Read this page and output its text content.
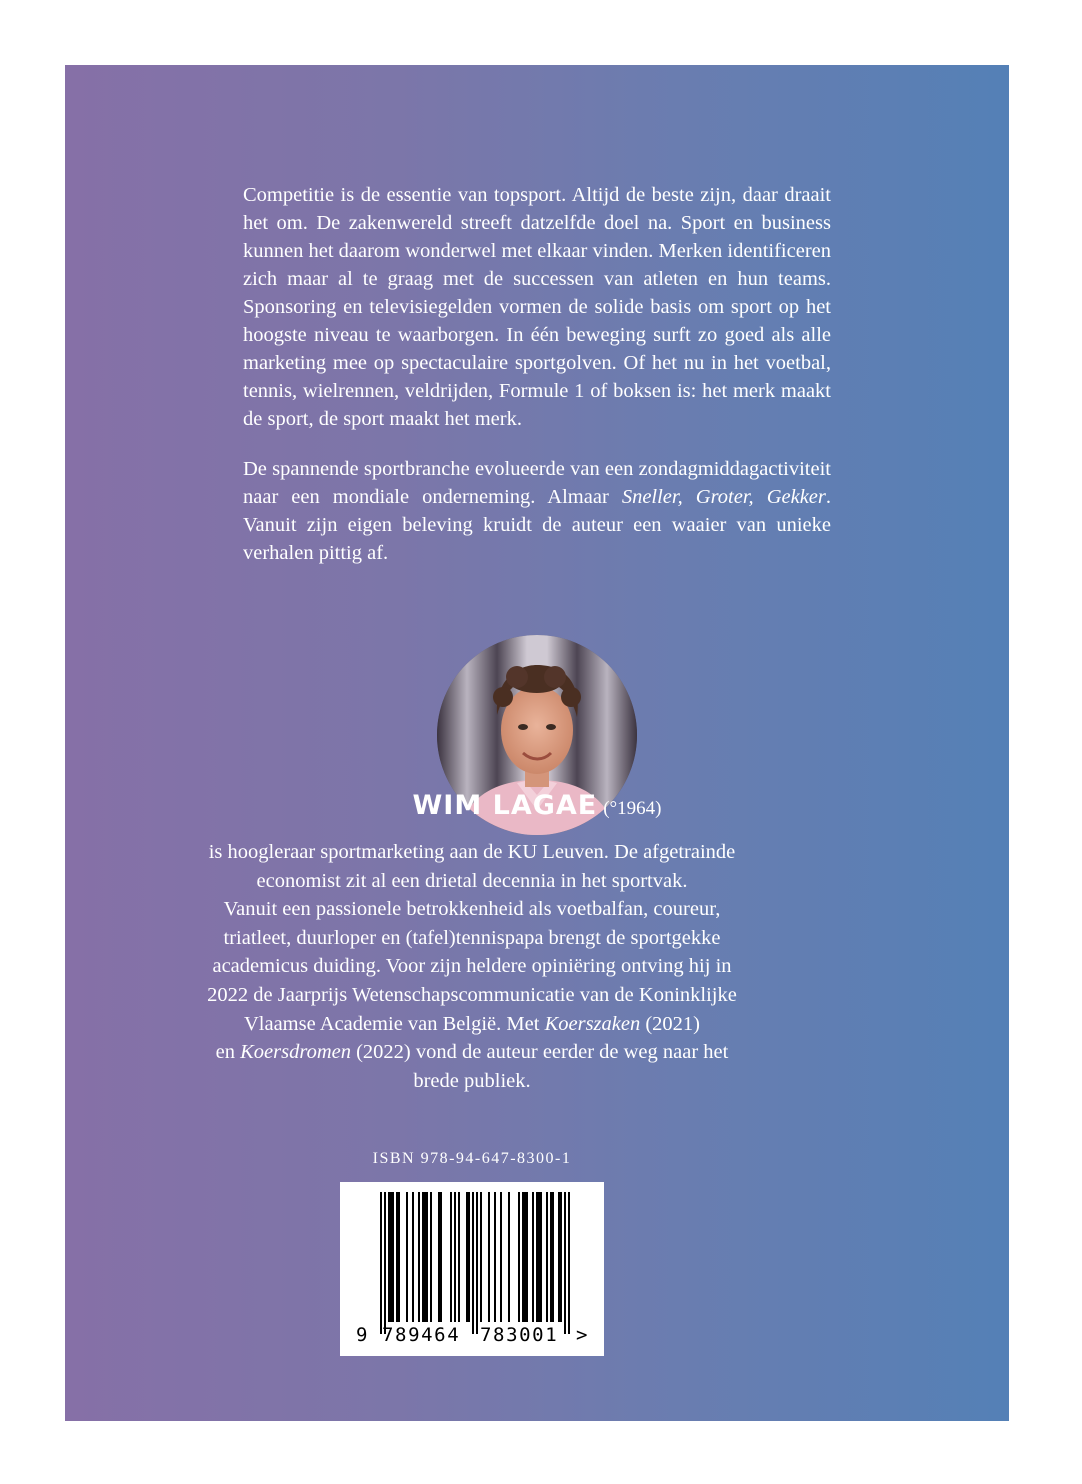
Competitie is de essentie van topsport. Altijd de beste zijn, daar draait het om. De zakenwereld streeft datzelfde doel na. Sport en business kunnen het daarom wonderwel met elkaar vinden. Merken identificeren zich maar al te graag met de successen van atleten en hun teams. Sponsoring en televisiegelden vormen de solide basis om sport op het hoogste niveau te waarborgen. In één beweging surft zo goed als alle marketing mee op spectaculaire sportgolven. Of het nu in het voetbal, tennis, wielrennen, veldrijden, Formule 1 of boksen is: het merk maakt de sport, de sport maakt het merk.

De spannende sportbranche evolueerde van een zondagmiddagactiviteit naar een mondiale onderneming. Almaar Sneller, Groter, Gekker. Vanuit zijn eigen beleving kruidt de auteur een waaier van unieke verhalen pittig af.

WIM LAGAE (°1964)
is hoogleraar sportmarketing aan de KU Leuven. De afgetrainde
economist zit al een drietal decennia in het sportvak.
Vanuit een passionele betrokkenheid als voetbalfan, coureur,
triatleet, duurloper en (tafel)tennispapa brengt de sportgekke
academicus duiding. Voor zijn heldere opiniëring ontving hij in
2022 de Jaarprijs Wetenschapscommunicatie van de Koninklijke
Vlaamse Academie van België. Met Koerszaken (2021)
en Koersdromen (2022) vond de auteur eerder de weg naar het
brede publiek.
ISBN 978-94-647-8300-1
9 789464 783001 >
